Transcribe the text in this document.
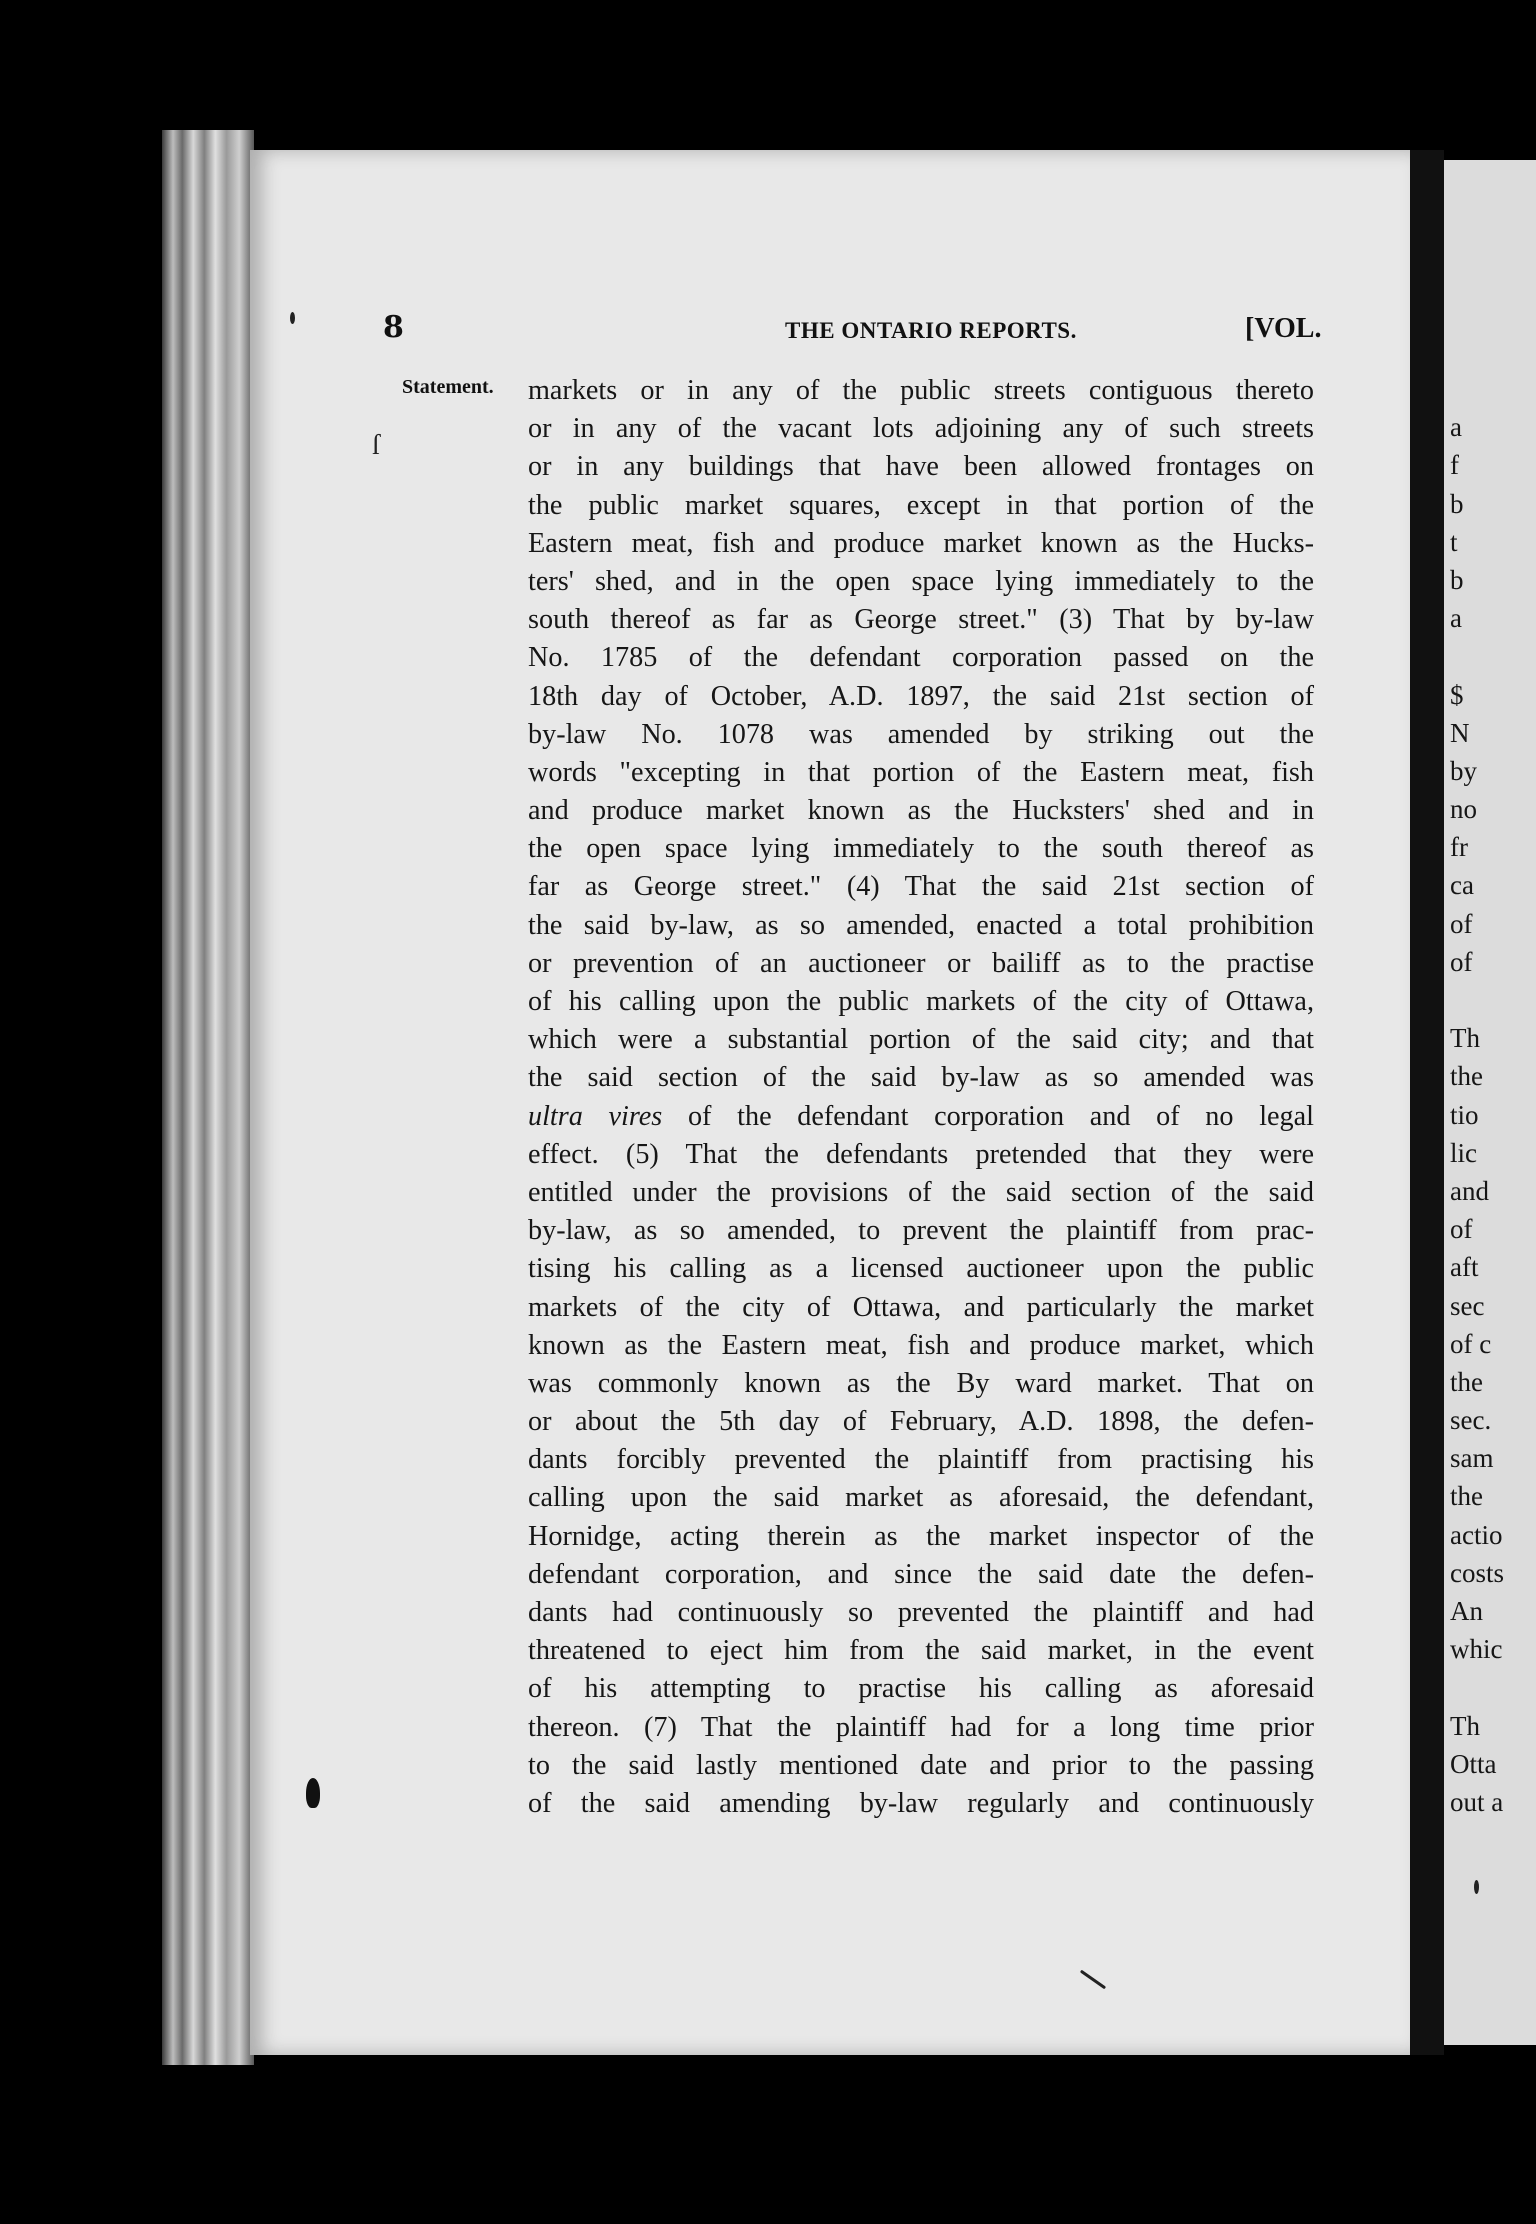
8	THE ONTARIO REPORTS.	[VOL.
Statement. markets or in any of the public streets contiguous thereto
or in any of the vacant lots adjoining any of such streets
or in any buildings that have been allowed frontages on
the public market squares, except in that portion of the
Eastern meat, fish and produce market known as the Hucks-
ters' shed, and in the open space lying immediately to the
south thereof as far as George street." (3) That by by-law
No. 1785 of the defendant corporation passed on the
18th day of October, A.D. 1897, the said 21st section of
by-law No. 1078 was amended by striking out the
words "excepting in that portion of the Eastern meat, fish
and produce market known as the Hucksters' shed and in
the open space lying immediately to the south thereof as
far as George street." (4) That the said 21st section of
the said by-law, as so amended, enacted a total prohibition
or prevention of an auctioneer or bailiff as to the practise
of his calling upon the public markets of the city of Ottawa,
which were a substantial portion of the said city; and that
the said section of the said by-law as so amended was
ultra vires of the defendant corporation and of no legal
effect. (5) That the defendants pretended that they were
entitled under the provisions of the said section of the said
by-law, as so amended, to prevent the plaintiff from prac-
tising his calling as a licensed auctioneer upon the public
markets of the city of Ottawa, and particularly the market
known as the Eastern meat, fish and produce market, which
was commonly known as the By ward market. That on
or about the 5th day of February, A.D. 1898, the defen-
dants forcibly prevented the plaintiff from practising his
calling upon the said market as aforesaid, the defendant,
Hornidge, acting therein as the market inspector of the
defendant corporation, and since the said date the defen-
dants had continuously so prevented the plaintiff and had
threatened to eject him from the said market, in the event
of his attempting to practise his calling as aforesaid
thereon. (7) That the plaintiff had for a long time prior
to the said lastly mentioned date and prior to the passing
of the said amending by-law regularly and continuously
a
f
b
t
b
a
$
N
by
no
fr
ca
of
of
Th
the
tio
lic
and
of
aft
sec
of c
the
sec.
sam
the
actio
costs
An
whic
Th
Otta
out a
ſ
